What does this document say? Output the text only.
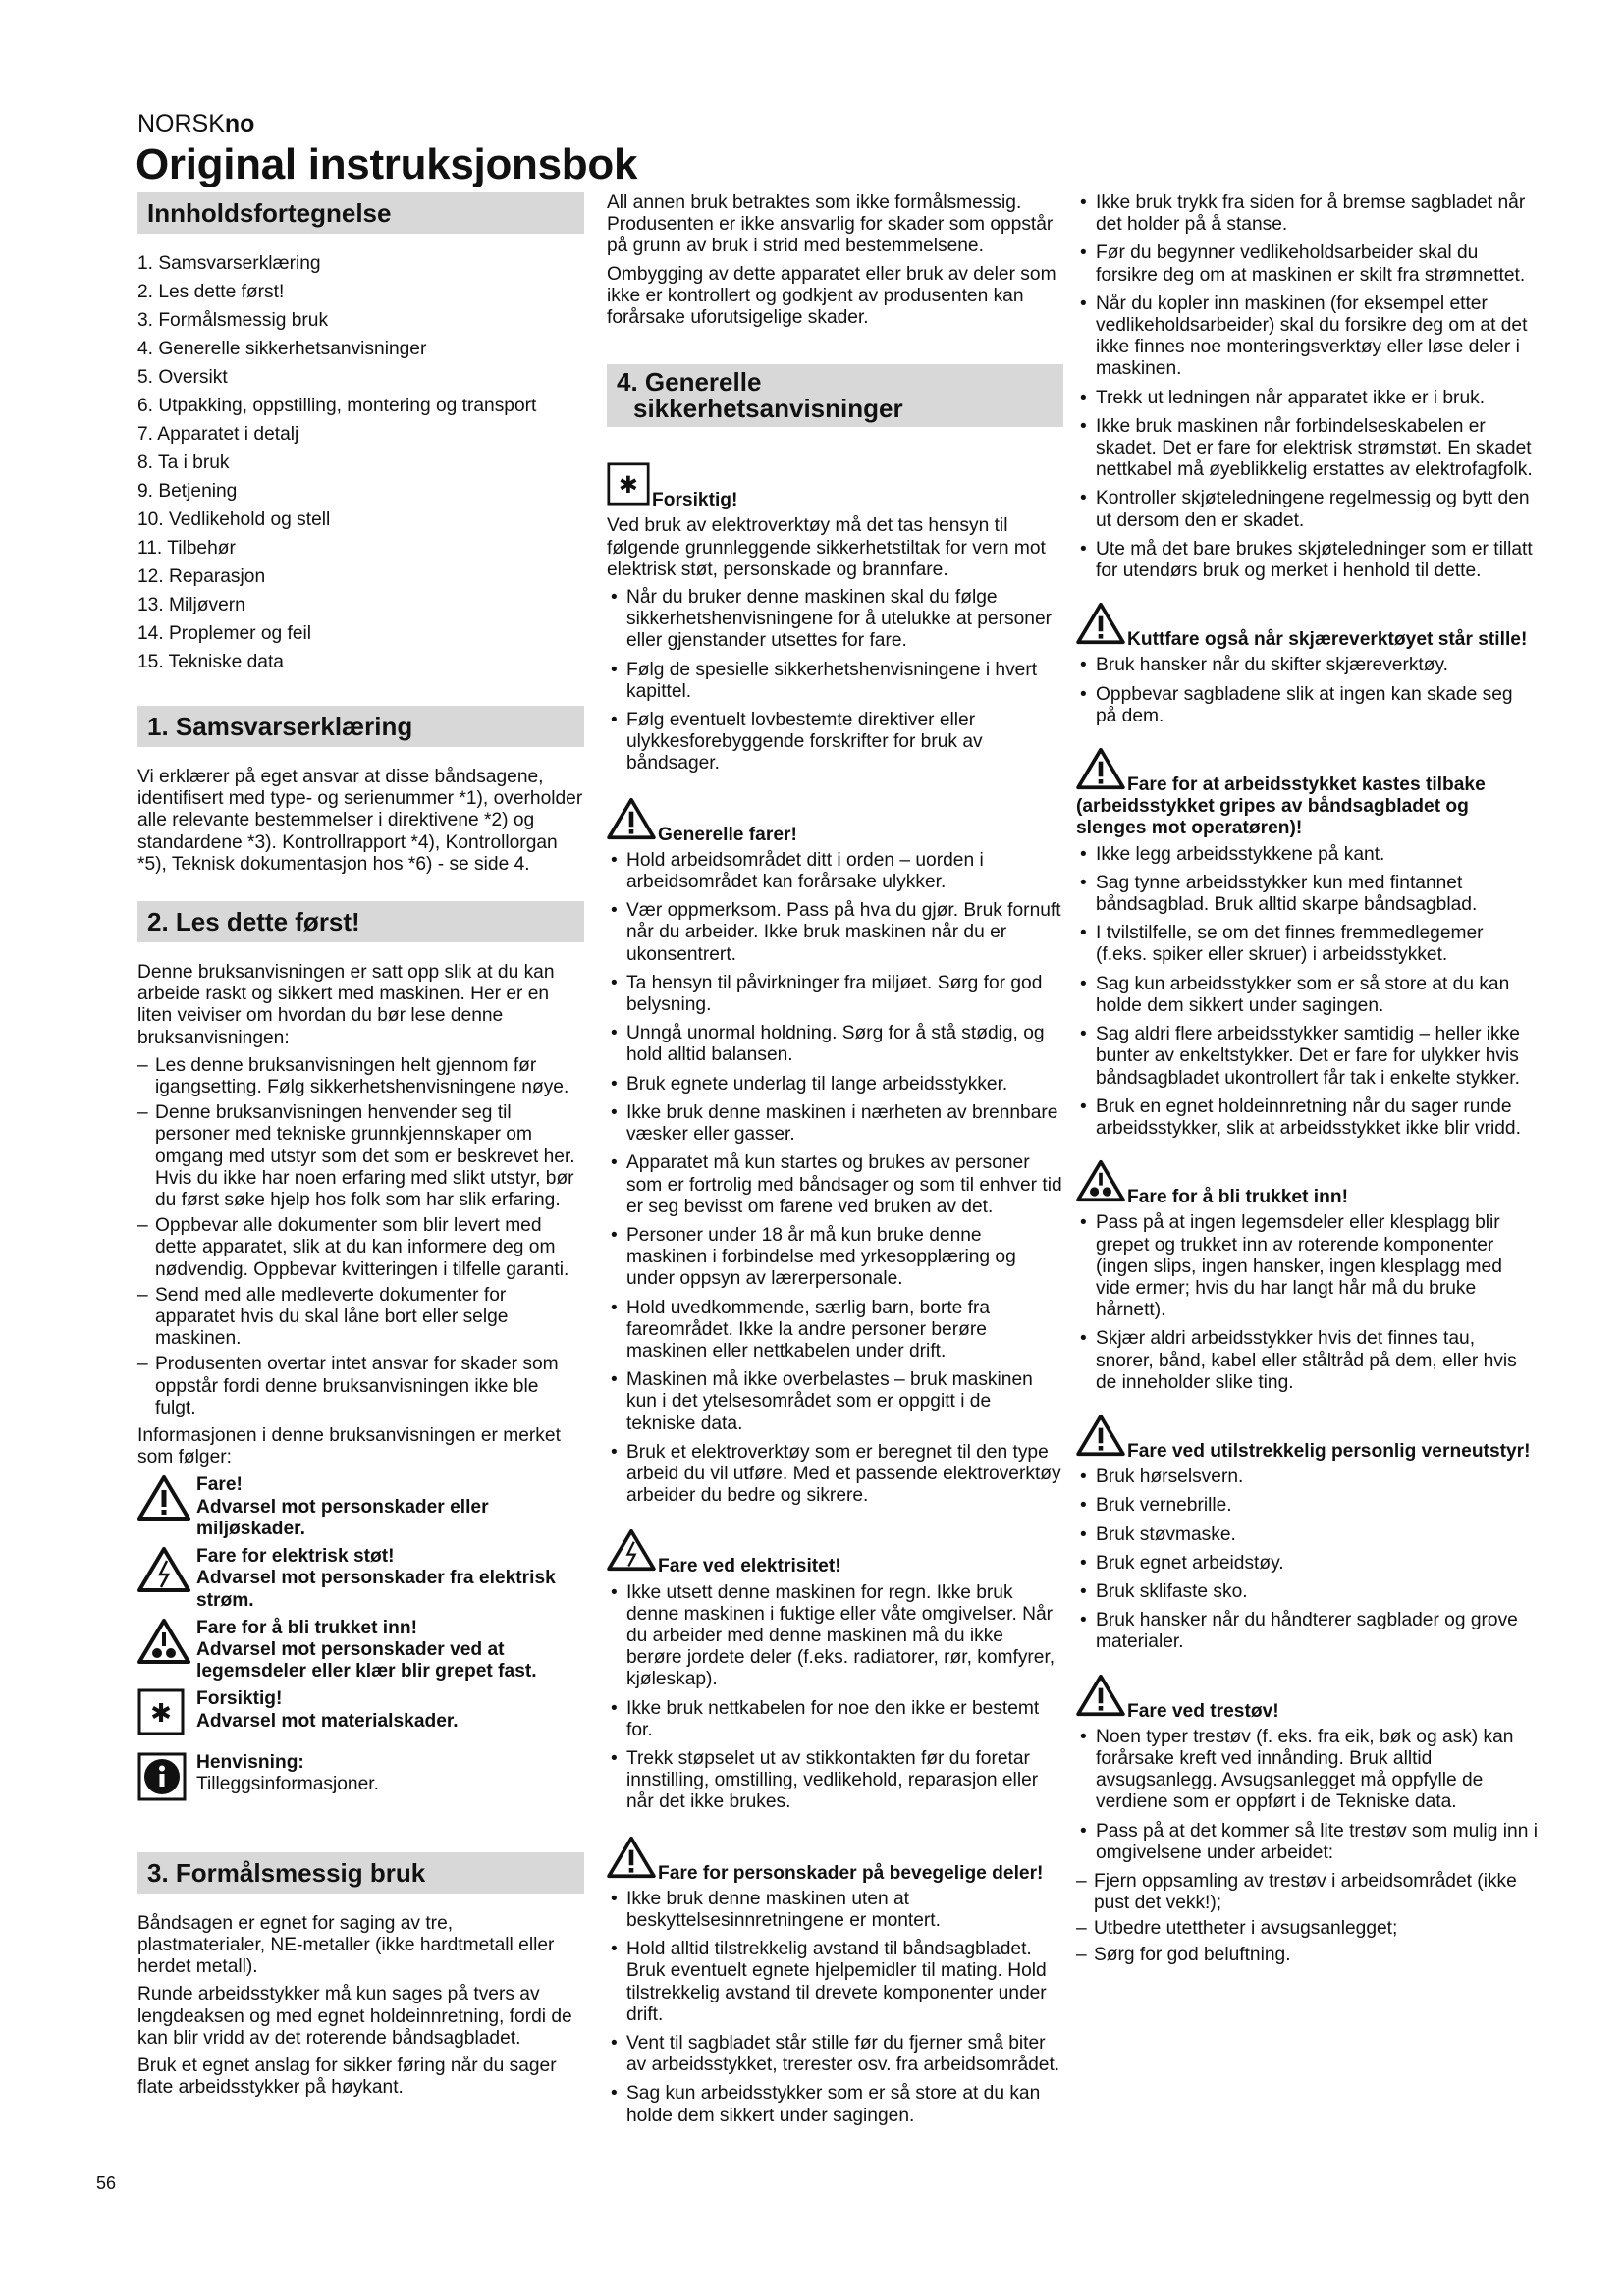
NORSKno
Original instruksjonsbok
Innholdsfortegnelse
1. Samsvarserklæring
2. Les dette først!
3. Formålsmessig bruk
4. Generelle sikkerhetsanvisninger
5. Oversikt
6. Utpakking, oppstilling, montering og transport
7. Apparatet i detalj
8. Ta i bruk
9. Betjening
10. Vedlikehold og stell
11. Tilbehør
12. Reparasjon
13. Miljøvern
14. Proplemer og feil
15. Tekniske data
1. Samsvarserklæring

Vi erklærer på eget ansvar at disse båndsagene, identifisert med type- og serienummer *1), overholder alle relevante bestemmelser i direktivene *2) og standardene *3). Kontrollrapport *4), Kontrollorgan *5), Teknisk dokumentasjon hos *6) - se side 4.

2. Les dette først!

Denne bruksanvisningen er satt opp slik at du kan arbeide raskt og sikkert med maskinen. Her er en liten veiviser om hvordan du bør lese denne bruksanvisningen:

– Les denne bruksanvisningen helt gjennom før igangsetting. Følg sikkerhetshenvisningene nøye.
– Denne bruksanvisningen henvender seg til personer med tekniske grunnkjennskaper om omgang med utstyr som det som er beskrevet her. Hvis du ikke har noen erfaring med slikt utstyr, bør du først søke hjelp hos folk som har slik erfaring.
– Oppbevar alle dokumenter som blir levert med dette apparatet, slik at du kan informere deg om nødvendig. Oppbevar kvitteringen i tilfelle garanti.
– Send med alle medleverte dokumenter for apparatet hvis du skal låne bort eller selge maskinen.
– Produsenten overtar intet ansvar for skader som oppstår fordi denne bruksanvisningen ikke ble fulgt.

Informasjonen i denne bruksanvisningen er merket som følger:

Fare!
Advarsel mot personskader eller miljøskader.
Fare for elektrisk støt!
Advarsel mot personskader fra elektrisk strøm.
Fare for å bli trukket inn!
Advarsel mot personskader ved at legemsdeler eller klær blir grepet fast.
✱
Forsiktig!
Advarsel mot materialskader.
Henvisning:
Tilleggsinformasjoner.
3. Formålsmessig bruk

Båndsagen er egnet for saging av tre, plastmaterialer, NE-metaller (ikke hardtmetall eller herdet metall).

Runde arbeidsstykker må kun sages på tvers av lengdeaksen og med egnet holdeinnretning, fordi de kan blir vridd av det roterende båndsagbladet.

Bruk et egnet anslag for sikker føring når du sager flate arbeidsstykker på høykant.

All annen bruk betraktes som ikke formålsmessig. Produsenten er ikke ansvarlig for skader som oppstår på grunn av bruk i strid med bestemmelsene.

Ombygging av dette apparatet eller bruk av deler som ikke er kontrollert og godkjent av produsenten kan forårsake uforutsigelige skader.

4. Generelle
sikkerhetsanvisninger
✱
Forsiktig!

Ved bruk av elektroverktøy må det tas hensyn til følgende grunnleggende sikkerhetstiltak for vern mot elektrisk støt, personskade og brannfare.

• Når du bruker denne maskinen skal du følge sikkerhetshenvisningene for å utelukke at personer eller gjenstander utsettes for fare.
• Følg de spesielle sikkerhetshenvisningene i hvert kapittel.
• Følg eventuelt lovbestemte direktiver eller ulykkesforebyggende forskrifter for bruk av båndsager.
Generelle farer!
• Hold arbeidsområdet ditt i orden – uorden i arbeidsområdet kan forårsake ulykker.
• Vær oppmerksom. Pass på hva du gjør. Bruk fornuft når du arbeider. Ikke bruk maskinen når du er ukonsentrert.
• Ta hensyn til påvirkninger fra miljøet. Sørg for god belysning.
• Unngå unormal holdning. Sørg for å stå stødig, og hold alltid balansen.
• Bruk egnete underlag til lange arbeidsstykker.
• Ikke bruk denne maskinen i nærheten av brennbare væsker eller gasser.
• Apparatet må kun startes og brukes av personer som er fortrolig med båndsager og som til enhver tid er seg bevisst om farene ved bruken av det.
• Personer under 18 år må kun bruke denne maskinen i forbindelse med yrkesopplæring og under oppsyn av lærerpersonale.
• Hold uvedkommende, særlig barn, borte fra fareområdet. Ikke la andre personer berøre maskinen eller nettkabelen under drift.
• Maskinen må ikke overbelastes – bruk maskinen kun i det ytelsesområdet som er oppgitt i de tekniske data.
• Bruk et elektroverktøy som er beregnet til den type arbeid du vil utføre. Med et passende elektroverktøy arbeider du bedre og sikrere.
Fare ved elektrisitet!
• Ikke utsett denne maskinen for regn. Ikke bruk denne maskinen i fuktige eller våte omgivelser. Når du arbeider med denne maskinen må du ikke berøre jordete deler (f.eks. radiatorer, rør, komfyrer, kjøleskap).
• Ikke bruk nettkabelen for noe den ikke er bestemt for.
• Trekk støpselet ut av stikkontakten før du foretar innstilling, omstilling, vedlikehold, reparasjon eller når det ikke brukes.
Fare for personskader på bevegelige deler!
• Ikke bruk denne maskinen uten at beskyttelsesinnretningene er montert.
• Hold alltid tilstrekkelig avstand til båndsagbladet. Bruk eventuelt egnete hjelpemidler til mating. Hold tilstrekkelig avstand til drevete komponenter under drift.
• Vent til sagbladet står stille før du fjerner små biter av arbeidsstykket, trerester osv. fra arbeidsområdet.
• Sag kun arbeidsstykker som er så store at du kan holde dem sikkert under sagingen.
• Ikke bruk trykk fra siden for å bremse sagbladet når det holder på å stanse.
• Før du begynner vedlikeholdsarbeider skal du forsikre deg om at maskinen er skilt fra strømnettet.
• Når du kopler inn maskinen (for eksempel etter vedlikeholdsarbeider) skal du forsikre deg om at det ikke finnes noe monteringsverktøy eller løse deler i maskinen.
• Trekk ut ledningen når apparatet ikke er i bruk.
• Ikke bruk maskinen når forbindelseskabelen er skadet. Det er fare for elektrisk strømstøt. En skadet nettkabel må øyeblikkelig erstattes av elektrofagfolk.
• Kontroller skjøteledningene regelmessig og bytt den ut dersom den er skadet.
• Ute må det bare brukes skjøteledninger som er tillatt for utendørs bruk og merket i henhold til dette.
Kuttfare også når skjæreverktøyet står stille!
• Bruk hansker når du skifter skjæreverktøy.
• Oppbevar sagbladene slik at ingen kan skade seg på dem.
Fare for at arbeidsstykket kastes tilbake (arbeidsstykket gripes av båndsagbladet og slenges mot operatøren)!
• Ikke legg arbeidsstykkene på kant.
• Sag tynne arbeidsstykker kun med fintannet båndsagblad. Bruk alltid skarpe båndsagblad.
• I tvilstilfelle, se om det finnes fremmedlegemer (f.eks. spiker eller skruer) i arbeidsstykket.
• Sag kun arbeidsstykker som er så store at du kan holde dem sikkert under sagingen.
• Sag aldri flere arbeidsstykker samtidig – heller ikke bunter av enkeltstykker. Det er fare for ulykker hvis båndsagbladet ukontrollert får tak i enkelte stykker.
• Bruk en egnet holdeinnretning når du sager runde arbeidsstykker, slik at arbeidsstykket ikke blir vridd.
Fare for å bli trukket inn!
• Pass på at ingen legemsdeler eller klesplagg blir grepet og trukket inn av roterende komponenter (ingen slips, ingen hansker, ingen klesplagg med vide ermer; hvis du har langt hår må du bruke hårnett).
• Skjær aldri arbeidsstykker hvis det finnes tau, snorer, bånd, kabel eller ståltråd på dem, eller hvis de inneholder slike ting.
Fare ved utilstrekkelig personlig verneutstyr!
• Bruk hørselsvern.
• Bruk vernebrille.
• Bruk støvmaske.
• Bruk egnet arbeidstøy.
• Bruk sklifaste sko.
• Bruk hansker når du håndterer sagblader og grove materialer.
Fare ved trestøv!
• Noen typer trestøv (f. eks. fra eik, bøk og ask) kan forårsake kreft ved innånding. Bruk alltid avsugsanlegg. Avsugsanlegget må oppfylle de verdiene som er oppført i de Tekniske data.
• Pass på at det kommer så lite trestøv som mulig inn i omgivelsene under arbeidet:
– Fjern oppsamling av trestøv i arbeidsområdet (ikke pust det vekk!);
– Utbedre utettheter i avsugsanlegget;
– Sørg for god beluftning.
56
